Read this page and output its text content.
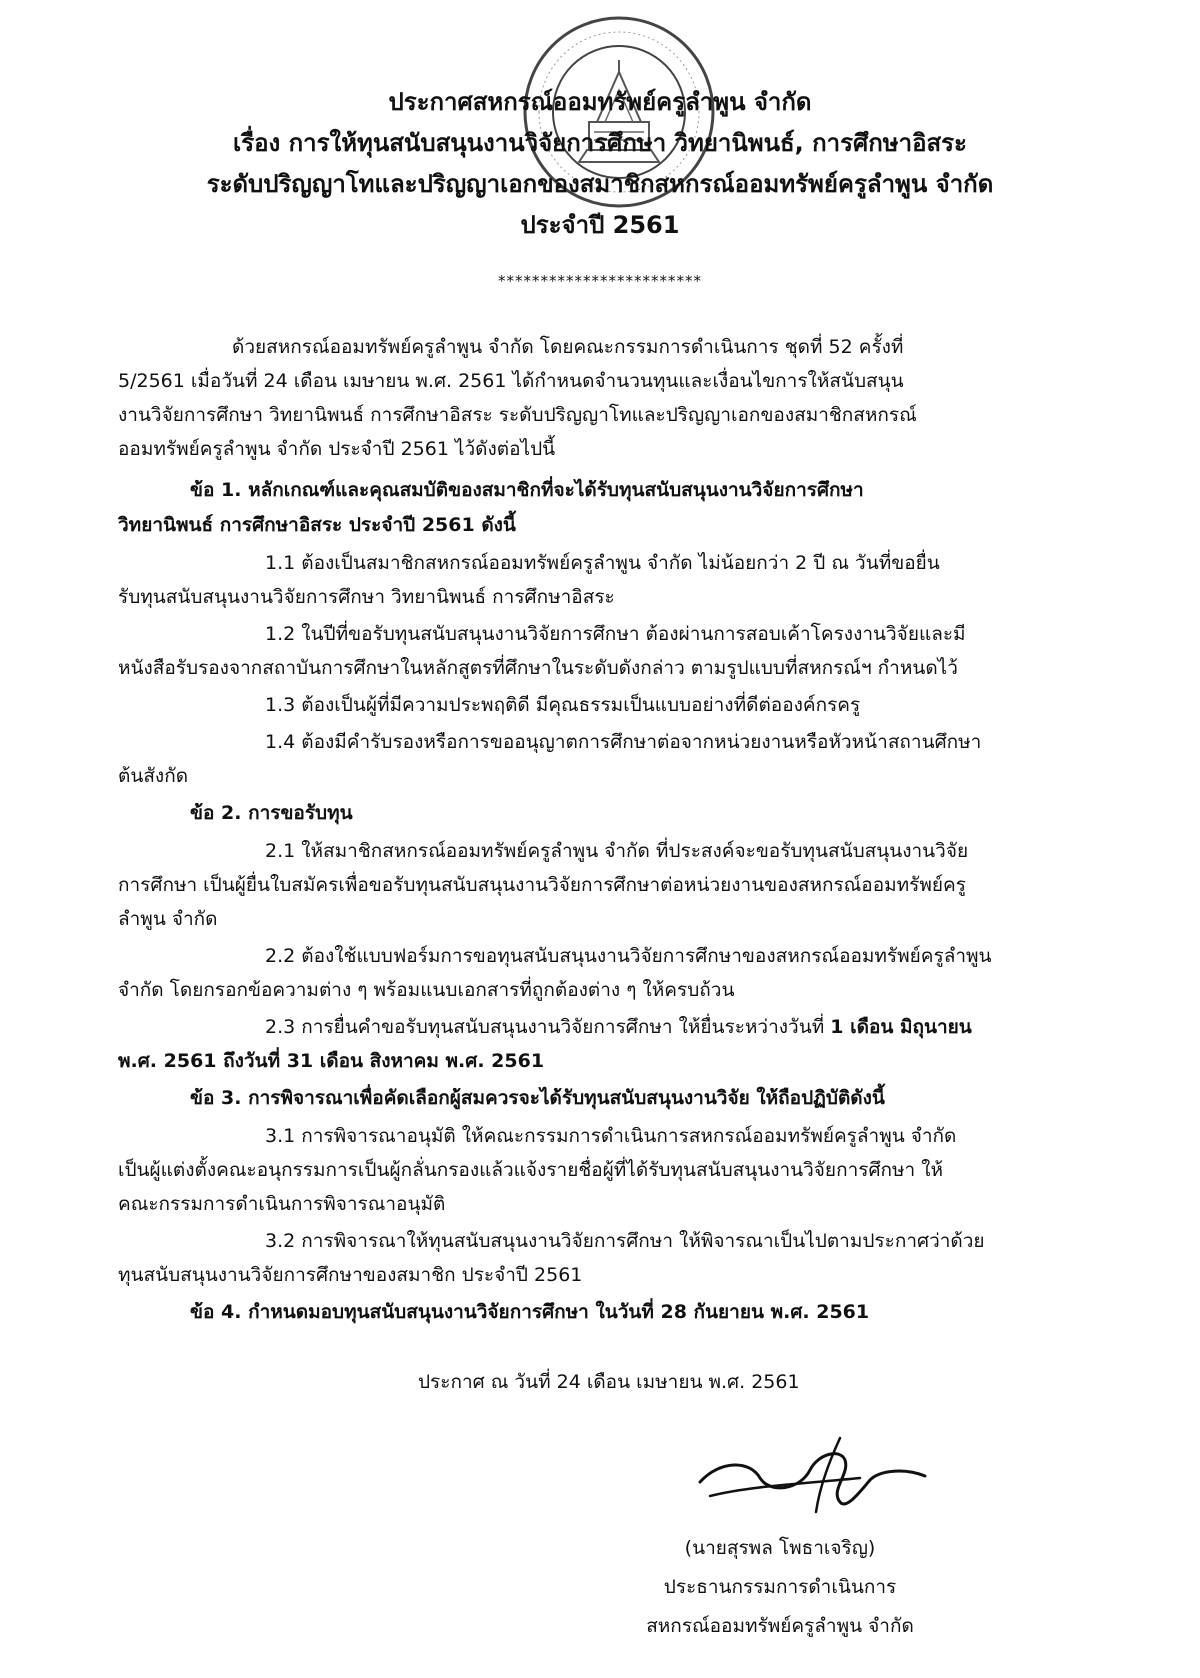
ประกาศสหกรณ์ออมทรัพย์ครูลำพูน จำกัด
เรื่อง การให้ทุนสนับสนุนงานวิจัยการศึกษา วิทยานิพนธ์, การศึกษาอิสระ
ระดับปริญญาโทและปริญญาเอกของสมาชิกสหกรณ์ออมทรัพย์ครูลำพูน จำกัด
ประจำปี 2561
************************
ด้วยสหกรณ์ออมทรัพย์ครูลำพูน จำกัด โดยคณะกรรมการดำเนินการ ชุดที่ 52 ครั้งที่
5/2561 เมื่อวันที่ 24 เดือน เมษายน พ.ศ. 2561 ได้กำหนดจำนวนทุนและเงื่อนไขการให้สนับสนุน
งานวิจัยการศึกษา วิทยานิพนธ์ การศึกษาอิสระ ระดับปริญญาโทและปริญญาเอกของสมาชิกสหกรณ์
ออมทรัพย์ครูลำพูน จำกัด ประจำปี 2561 ไว้ดังต่อไปนี้
ข้อ 1. หลักเกณฑ์และคุณสมบัติของสมาชิกที่จะได้รับทุนสนับสนุนงานวิจัยการศึกษา
วิทยานิพนธ์ การศึกษาอิสระ ประจำปี 2561 ดังนี้
1.1 ต้องเป็นสมาชิกสหกรณ์ออมทรัพย์ครูลำพูน จำกัด ไม่น้อยกว่า 2 ปี ณ วันที่ขอยื่น
รับทุนสนับสนุนงานวิจัยการศึกษา วิทยานิพนธ์ การศึกษาอิสระ
1.2 ในปีที่ขอรับทุนสนับสนุนงานวิจัยการศึกษา ต้องผ่านการสอบเค้าโครงงานวิจัยและมี
หนังสือรับรองจากสถาบันการศึกษาในหลักสูตรที่ศึกษาในระดับดังกล่าว ตามรูปแบบที่สหกรณ์ฯ กำหนดไว้
1.3 ต้องเป็นผู้ที่มีความประพฤติดี มีคุณธรรมเป็นแบบอย่างที่ดีต่อองค์กรครู
1.4 ต้องมีคำรับรองหรือการขออนุญาตการศึกษาต่อจากหน่วยงานหรือหัวหน้าสถานศึกษา
ต้นสังกัด
ข้อ 2. การขอรับทุน
2.1 ให้สมาชิกสหกรณ์ออมทรัพย์ครูลำพูน จำกัด ที่ประสงค์จะขอรับทุนสนับสนุนงานวิจัย
การศึกษา เป็นผู้ยื่นใบสมัครเพื่อขอรับทุนสนับสนุนงานวิจัยการศึกษาต่อหน่วยงานของสหกรณ์ออมทรัพย์ครู
ลำพูน จำกัด
2.2 ต้องใช้แบบฟอร์มการขอทุนสนับสนุนงานวิจัยการศึกษาของสหกรณ์ออมทรัพย์ครูลำพูน
จำกัด โดยกรอกข้อความต่าง ๆ พร้อมแนบเอกสารที่ถูกต้องต่าง ๆ ให้ครบถ้วน
2.3 การยื่นคำขอรับทุนสนับสนุนงานวิจัยการศึกษา ให้ยื่นระหว่างวันที่ 1 เดือน มิถุนายน
พ.ศ. 2561 ถึงวันที่ 31 เดือน สิงหาคม พ.ศ. 2561
ข้อ 3. การพิจารณาเพื่อคัดเลือกผู้สมควรจะได้รับทุนสนับสนุนงานวิจัย ให้ถือปฏิบัติดังนี้
3.1 การพิจารณาอนุมัติ ให้คณะกรรมการดำเนินการสหกรณ์ออมทรัพย์ครูลำพูน จำกัด
เป็นผู้แต่งตั้งคณะอนุกรรมการเป็นผู้กลั่นกรองแล้วแจ้งรายชื่อผู้ที่ได้รับทุนสนับสนุนงานวิจัยการศึกษา ให้
คณะกรรมการดำเนินการพิจารณาอนุมัติ
3.2 การพิจารณาให้ทุนสนับสนุนงานวิจัยการศึกษา ให้พิจารณาเป็นไปตามประกาศว่าด้วย
ทุนสนับสนุนงานวิจัยการศึกษาของสมาชิก ประจำปี 2561
ข้อ 4. กำหนดมอบทุนสนับสนุนงานวิจัยการศึกษา ในวันที่ 28 กันยายน พ.ศ. 2561
ประกาศ ณ วันที่ 24 เดือน เมษายน พ.ศ. 2561
(นายสุรพล โพธาเจริญ)
ประธานกรรมการดำเนินการ
สหกรณ์ออมทรัพย์ครูลำพูน จำกัด
